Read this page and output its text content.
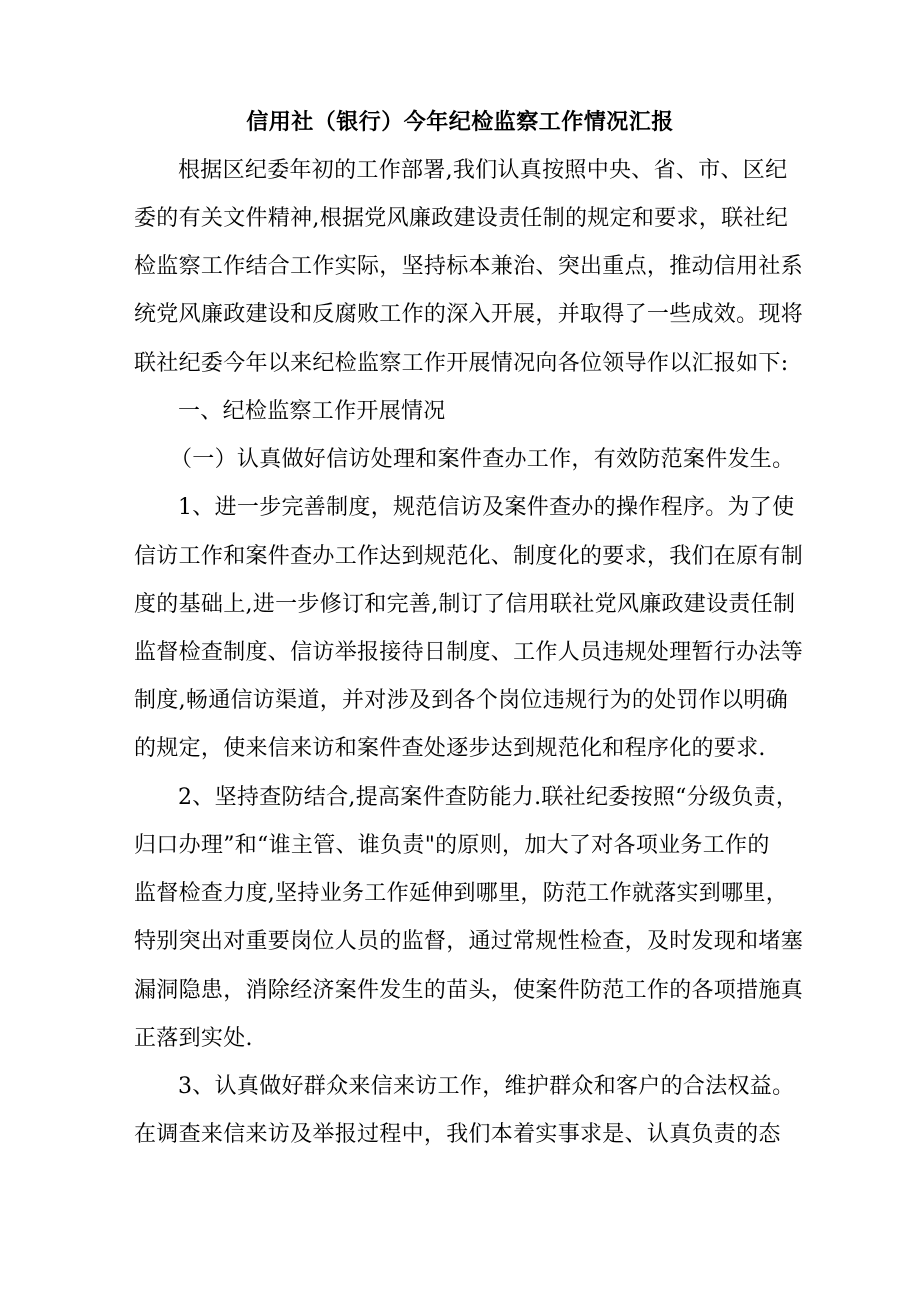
信用社（银行）今年纪检监察工作情况汇报
根据区纪委年初的工作部署,我们认真按照中央、省、市、区纪
委的有关文件精神,根据党风廉政建设责任制的规定和要求，联社纪
检监察工作结合工作实际，坚持标本兼治、突出重点，推动信用社系
统党风廉政建设和反腐败工作的深入开展，并取得了一些成效。现将
联社纪委今年以来纪检监察工作开展情况向各位领导作以汇报如下:
一、纪检监察工作开展情况
（一）认真做好信访处理和案件查办工作，有效防范案件发生。
1、进一步完善制度，规范信访及案件查办的操作程序。为了使
信访工作和案件查办工作达到规范化、制度化的要求，我们在原有制
度的基础上,进一步修订和完善,制订了信用联社党风廉政建设责任制
监督检查制度、信访举报接待日制度、工作人员违规处理暂行办法等
制度,畅通信访渠道，并对涉及到各个岗位违规行为的处罚作以明确
的规定，使来信来访和案件查处逐步达到规范化和程序化的要求.
2、坚持查防结合,提高案件查防能力.联社纪委按照“分级负责，
归口办理”和“谁主管、谁负责"的原则，加大了对各项业务工作的
监督检查力度,坚持业务工作延伸到哪里，防范工作就落实到哪里，
特别突出对重要岗位人员的监督，通过常规性检查，及时发现和堵塞
漏洞隐患，消除经济案件发生的苗头，使案件防范工作的各项措施真
正落到实处.
3、认真做好群众来信来访工作，维护群众和客户的合法权益。
在调查来信来访及举报过程中，我们本着实事求是、认真负责的态
